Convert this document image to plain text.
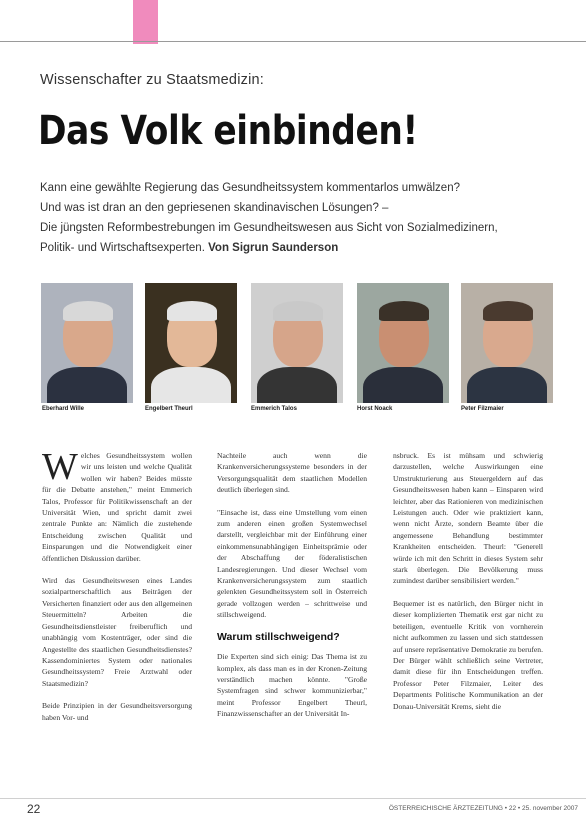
Wissenschafter zu Staatsmedizin:
Das Volk einbinden!

Kann eine gewählte Regierung das Gesundheitssystem kommentarlos umwälzen?

Und was ist dran an den gepriesenen skandinavischen Lösungen? –

Die jüngsten Reformbestrebungen im Gesundheitswesen aus Sicht von Sozialmedizinern,

Politik- und Wirtschaftsexperten. Von Sigrun Saunderson

Eberhard Wille	Engelbert Theurl	Emmerich Talos	Horst Noack	Peter Filzmaier

Welches Gesundheitssystem wollen wir uns leisten und welche Qualität wollen wir haben? Beides müsste für die Debatte anstehen," meint Emmerich Talos, Professor für Politikwissenschaft an der Universität Wien, und spricht damit zwei zentrale Punkte an: Nämlich die zustehende Entscheidung zwischen Qualität und Einsparungen und die Notwendigkeit einer öffentlichen Diskussion darüber.

Wird das Gesundheitswesen eines Landes sozialpartnerschaftlich aus Beiträgen der Versicherten finanziert oder aus den allgemeinen Steuermitteln? Arbeiten die Gesundheitsdienstleister freiberuflich und unabhängig vom Kostenträger, oder sind die Angestellte des staatlichen Gesundheitsdienstes? Kassendominiertes System oder nationales Gesundheitssystem? Freie Arztwahl oder Staatsmedizin?

Beide Prinzipien in der Gesundheitsversorgung haben Vor- und

Nachteile auch wenn die Krankenversicherungssysteme besonders in der Versorgungsqualität dem staatlichen Modellen deutlich überlegen sind.

"Einsache ist, dass eine Umstellung vom einen zum anderen einen großen Systemwechsel darstellt, vergleichbar mit der Einführung einer einkommensunabhängigen Einheitsprämie oder der Abschaffung der föderalistischen Landesregierungen. Und dieser Wechsel vom Krankenversicherungssystem zum staatlich gelenkten Gesundheitssystem soll in Österreich gerade vollzogen werden – schrittweise und stillschweigend.

Warum stillschweigend?

Die Experten sind sich einig: Das Thema ist zu komplex, als dass man es in der Kronen-Zeitung verständlich machen könnte. "Große Systemfragen sind schwer kommunizierbar," meint Professor Engelbert Theurl, Finanzwissenschafter an der Universität In-

nsbruck. Es ist mühsam und schwierig darzustellen, welche Auswirkungen eine Umstrukturierung aus Steuergeldern auf das Gesundheitswesen haben kann – Einsparen wird leichter, aber das Rationieren von medizinischen Leistungen auch. Oder wie praktiziert kann, wenn nicht Ärzte, sondern Beamte über die angemessene Behandlung bestimmter Krankheiten entscheiden. Theurl: "Generell würde ich mit den Schritt in dieses System sehr stark überlegen. Die Bevölkerung muss zumindest darüber sensibilisiert werden."

Bequemer ist es natürlich, den Bürger nicht in dieser komplizierten Thematik erst gar nicht zu beteiligen, eventuelle Kritik von vornherein nicht aufkommen zu lassen und sich stattdessen auf unsere repräsentative Demokratie zu berufen. Der Bürger wählt schließlich seine Vertreter, damit diese für ihn Entscheidungen treffen. Professor Peter Filzmaier, Leiter des Departments Politische Kommunikation an der Donau-Universität Krems, sieht die

22	ÖSTERREICHISCHE ÄRZTEZEITUNG • 22 • 25. november 2007
